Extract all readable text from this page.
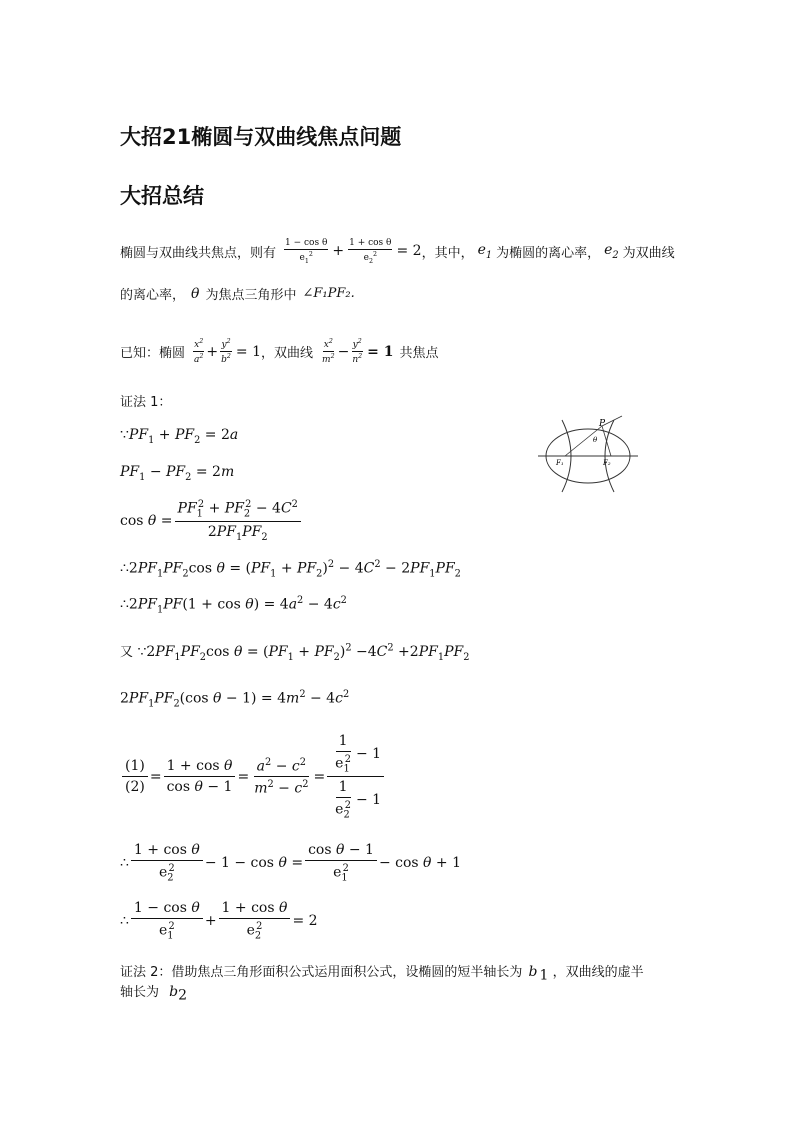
大招21椭圆与双曲线焦点问题
大招总结
椭圆与双曲线共焦点，则有 $\frac{\text{1 − cos θ}}{e_1^2} + \frac{\text{1 + cos θ}}{e_2^2} = 2$ ，其中， $e_1$ 为椭圆的离心率， $e_2$ 为双曲线
的离心率， θ 为焦点三角形中 ∠F₁PF₂.
已知：椭圆 $\frac{x^2}{a^2} + \frac{y^2}{b^2} = 1$ ，双曲线 $\frac{x^2}{m^2} - \frac{y^2}{n^2} = 1$ 共焦点
证法 1：
P
θ
F₁	F₂
$\because PF_1 + PF_2 = 2a$
$PF_1 - PF_2 = 2m$
$\cos \theta = \frac{PF_1^2 + PF_2^2 - 4C^2}{2PF_1PF_2}$
$\therefore 2PF_1PF_2\cos$ $\theta = (PF_1 + PF_2)^2 - 4C^2 - 2PF_1PF_2$
$\therefore 2PF_1PF(1 + \cos \theta) = 4a^2 - 4c^2$
又 $\because 2PF_1PF_2\cos$ $\theta = (PF_1 + PF_2)^2 -4C^2 +2PF_1PF_2$
$2PF_1PF_2(\cos$ $\theta - 1) = 4m^2 - 4c^2$
$\frac{(1)}{(2)} = \frac{\text{1 + cos θ}}{\text{cos θ − 1}} = \frac{a^2 - c^2}{m^2 - c^2} = \frac{\frac{1}{e_1^2} - 1}{\frac{1}{e_2^2} - 1}$
∴ $\frac{\text{1 + cos θ}}{e_2^2} - 1 - \cos \theta = \frac{\text{cos θ − 1}}{e_1^2} - \cos \theta + 1$
∴ $\frac{\text{1 − cos θ}}{e_1^2} + \frac{\text{1 + cos θ}}{e_2^2} = 2$
证法 2：借助焦点三角形面积公式运用面积公式，设椭圆的短半轴长为 b $_1$ ，双曲线的虚半
轴长为 $b_2$
